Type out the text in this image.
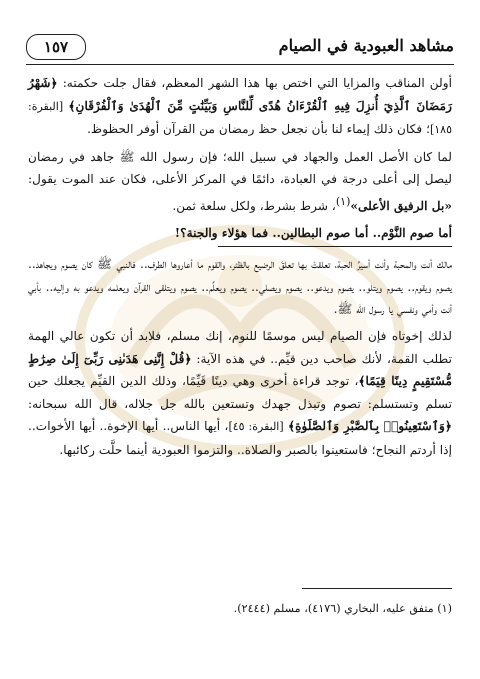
مشاهد العبودية في الصيام
١٥٧

أولن المناقب والمزايا التي اختص بها هذا الشهر المعظم، فقال جلت حكمته: ﴿شَهْرُ رَمَضَانَ ٱلَّذِيٓ أُنزِلَ فِيهِ ٱلْقُرْءَانُ هُدًى لِّلنَّاسِ وَبَيِّنَٰتٍ مِّنَ ٱلْهُدَىٰ وَٱلْفُرْقَانِ﴾ [البقرة: ١٨٥]؛ فكان ذلك إيماء لنا بأن نجعل حظ رمضان من القرآن أوفر الحظوظ.

لما كان الأصل العمل والجهاد في سبيل الله؛ فإن رسول الله ﷺ جاهد في رمضان ليصل إلى أعلى درجة في العبادة، دائمًا في المركز الأعلى، فكان عند الموت يقول: «بل الرفيق الأعلى»$^{(١)}$، شرط بشرط، ولكل سلعة ثمن.

أما صوم النَّوْم.. أما صوم البطالين.. فما هؤلاء والجنة؟!

مالك أنت والمحبة وأنت أسيرُ الحبة، تعلقتْ بها تعلقَ الرضيع بالظئر، والقوم ما أعاروها الطرف.. فالنبي ﷺ كان يصوم ويجاهد.. يصوم ويقوم.. يصوم ويتلو.. يصوم ويدعو.. يصوم ويصلي.. يصوم ويعلِّم.. يصوم ويتلقى القرآن ويعلمه ويدعو به وإليه.. بأبي أنت وأمي ونفسي يا رسول الله ﷺ.

لذلك إخوتاه فإن الصيام ليس موسمًا للنوم، إنك مسلم، فلابد أن تكون عالي الهمة تطلب القمة، لأنك صاحب دين قيِّم.. في هذه الآية: ﴿قُلْ إِنَّنِى هَدَىٰنِى رَبِّىٓ إِلَىٰ صِرَٰطٍ مُّسْتَقِيمٍ دِينًا قِيَمًا﴾، توجد قراءة أخرى وهي دينًا قَيِّمًا، وذلك الدين القيِّم يجعلك حين تسلم وتستسلم: تصوم وتبذل جهدك وتستعين بالله جل جلاله، قال الله سبحانه: ﴿وَٱسْتَعِينُوا۟ بِٱلصَّبْرِ وَٱلصَّلَوٰةِ﴾ [البقرة: ٤٥]، أيها الناس.. أيها الإخوة.. أيها الأخوات.. إذا أردتم النجاح؛ فاستعينوا بالصبر والصلاة.. والتزموا العبودية أينما حلَّت ركائبها.

(١) متفق عليه، البخاري (٤١٧٦)، مسلم (٢٤٤٤).
